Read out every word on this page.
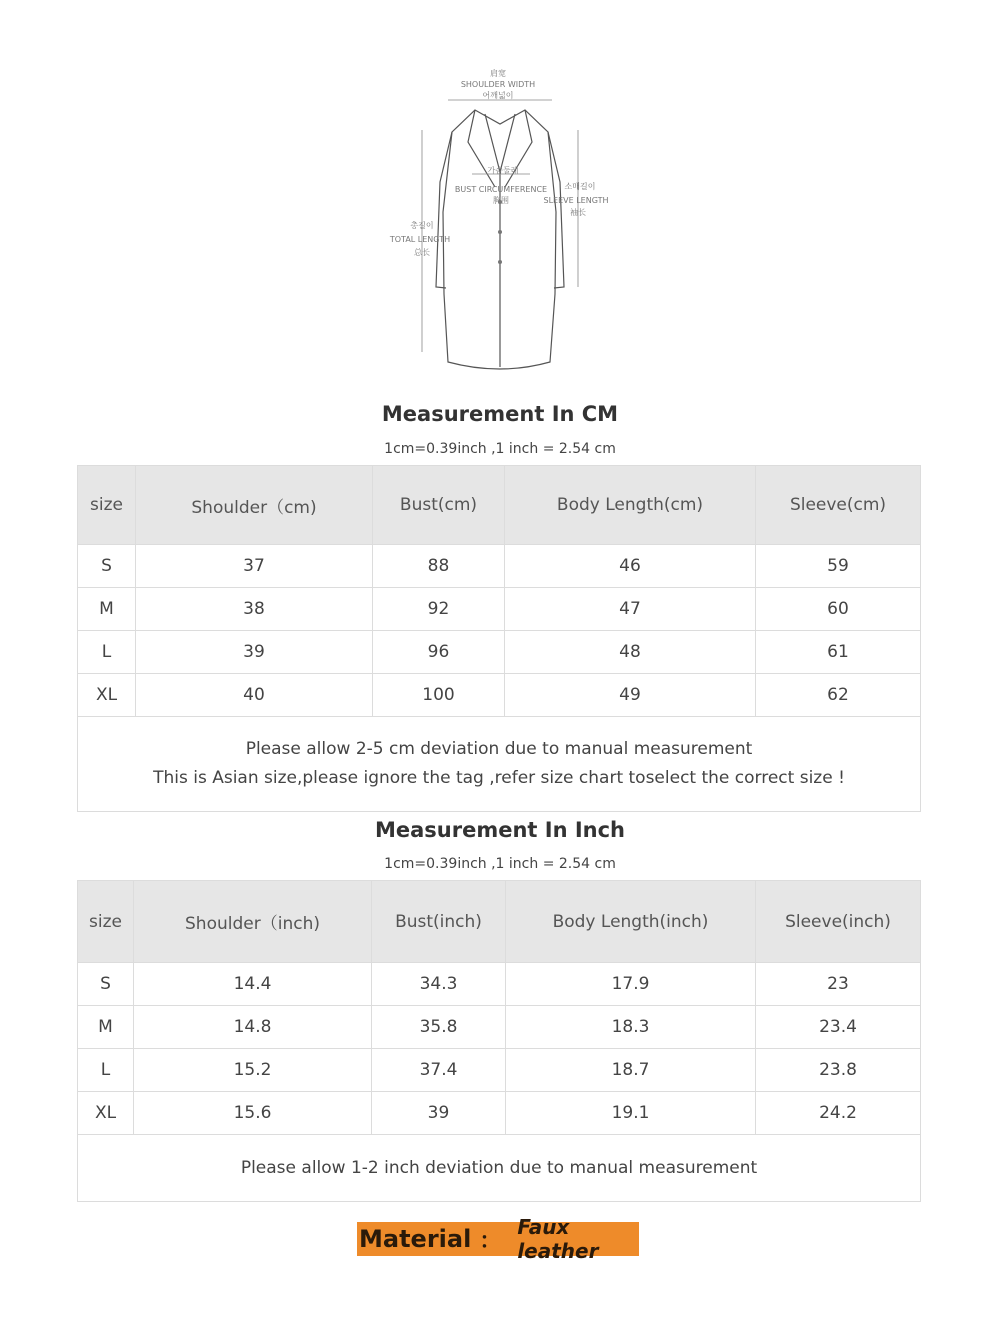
肩宽
SHOULDER WIDTH
어깨넓이
가슴둘레
BUST CIRCUMFERENCE
胸围
소매길이
SLEEVE LENGTH
袖长
총길이
TOTAL LENGTH
总长
Measurement In CM
1cm=0.39inch ,1 inch = 2.54 cm
size	Shoulder（cm)	Bust(cm)	Body Length(cm)	Sleeve(cm)
S	37	88	46	59
M	38	92	47	60
L	39	96	48	61
XL	40	100	49	62

Please allow 2-5 cm deviation due to manual measurement
This is Asian size,please ignore the tag ,refer size chart toselect the correct size !				
Measurement In Inch
1cm=0.39inch ,1 inch = 2.54 cm
size	Shoulder（inch)	Bust(inch)	Body Length(inch)	Sleeve(inch)
S	14.4	34.3	17.9	23
M	14.8	35.8	18.3	23.4
L	15.2	37.4	18.7	23.8
XL	15.6	39	19.1	24.2

Please allow 1-2 inch deviation due to manual measurement				
Material ：
Faux leather
